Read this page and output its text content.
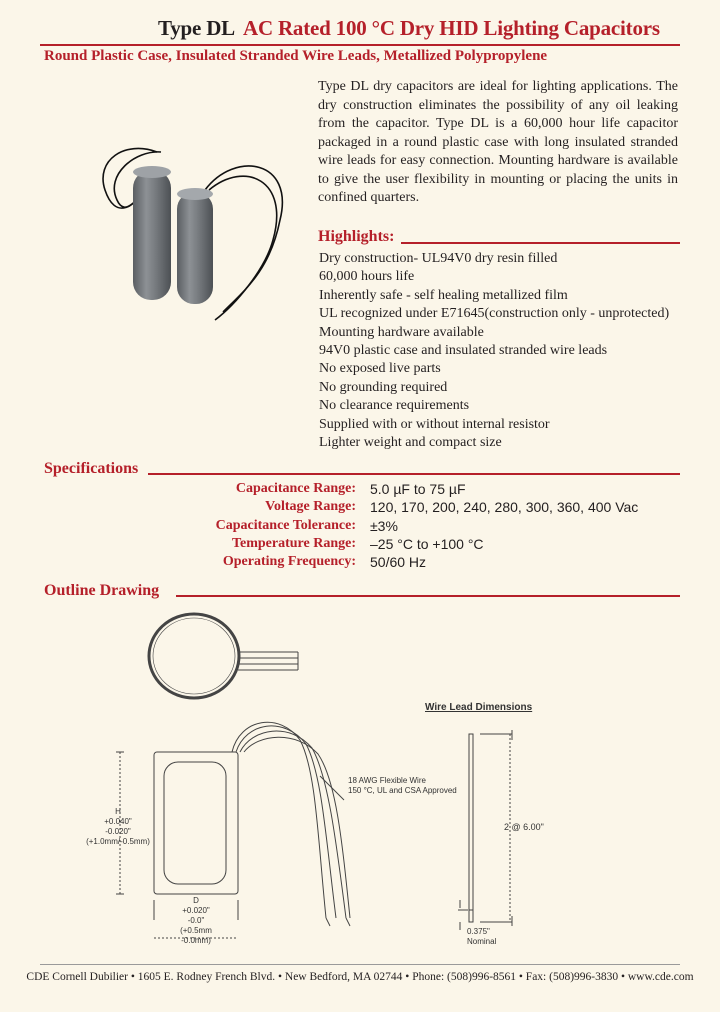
Type DL AC Rated 100 °C Dry HID Lighting Capacitors
Round Plastic Case, Insulated Stranded Wire Leads, Metallized Polypropylene

Type DL dry capacitors are ideal for lighting applications. The dry construction eliminates the possibility of any oil leaking from the capacitor. Type DL is a 60,000 hour life capacitor packaged in a round plastic case with long insulated stranded wire leads for easy connection. Mounting hardware is available to give the user flexibility in mounting or placing the units in confined quarters.

Highlights:
Dry construction- UL94V0 dry resin filled
60,000 hours life
Inherently safe - self healing metallized film
UL recognized under E71645(construction only - unprotected)
Mounting hardware available
94V0 plastic case and insulated stranded wire leads
No exposed live parts
No grounding required
No clearance requirements
Supplied with or without internal resistor
Lighter weight and compact size
Specifications
Capacitance Range:	5.0 µF to 75 µF
Voltage Range:	120, 170, 200, 240, 280, 300, 360, 400 Vac
Capacitance Tolerance:	±3%
Temperature Range:	–25 °C to +100 °C
Operating Frequency:	50/60 Hz
Outline Drawing
H
+0.040"
-0.020"
(+1.0mm/-0.5mm)
D
+0.020"
-0.0"
(+0.5mm
-0.0mm)
18 AWG Flexible Wire
150 °C, UL and CSA Approved
Wire Lead Dimensions
2 @ 6.00"
0.375"
Nominal
CDE Cornell Dubilier • 1605 E. Rodney French Blvd. • New Bedford, MA 02744 • Phone: (508)996-8561 • Fax: (508)996-3830 • www.cde.com
